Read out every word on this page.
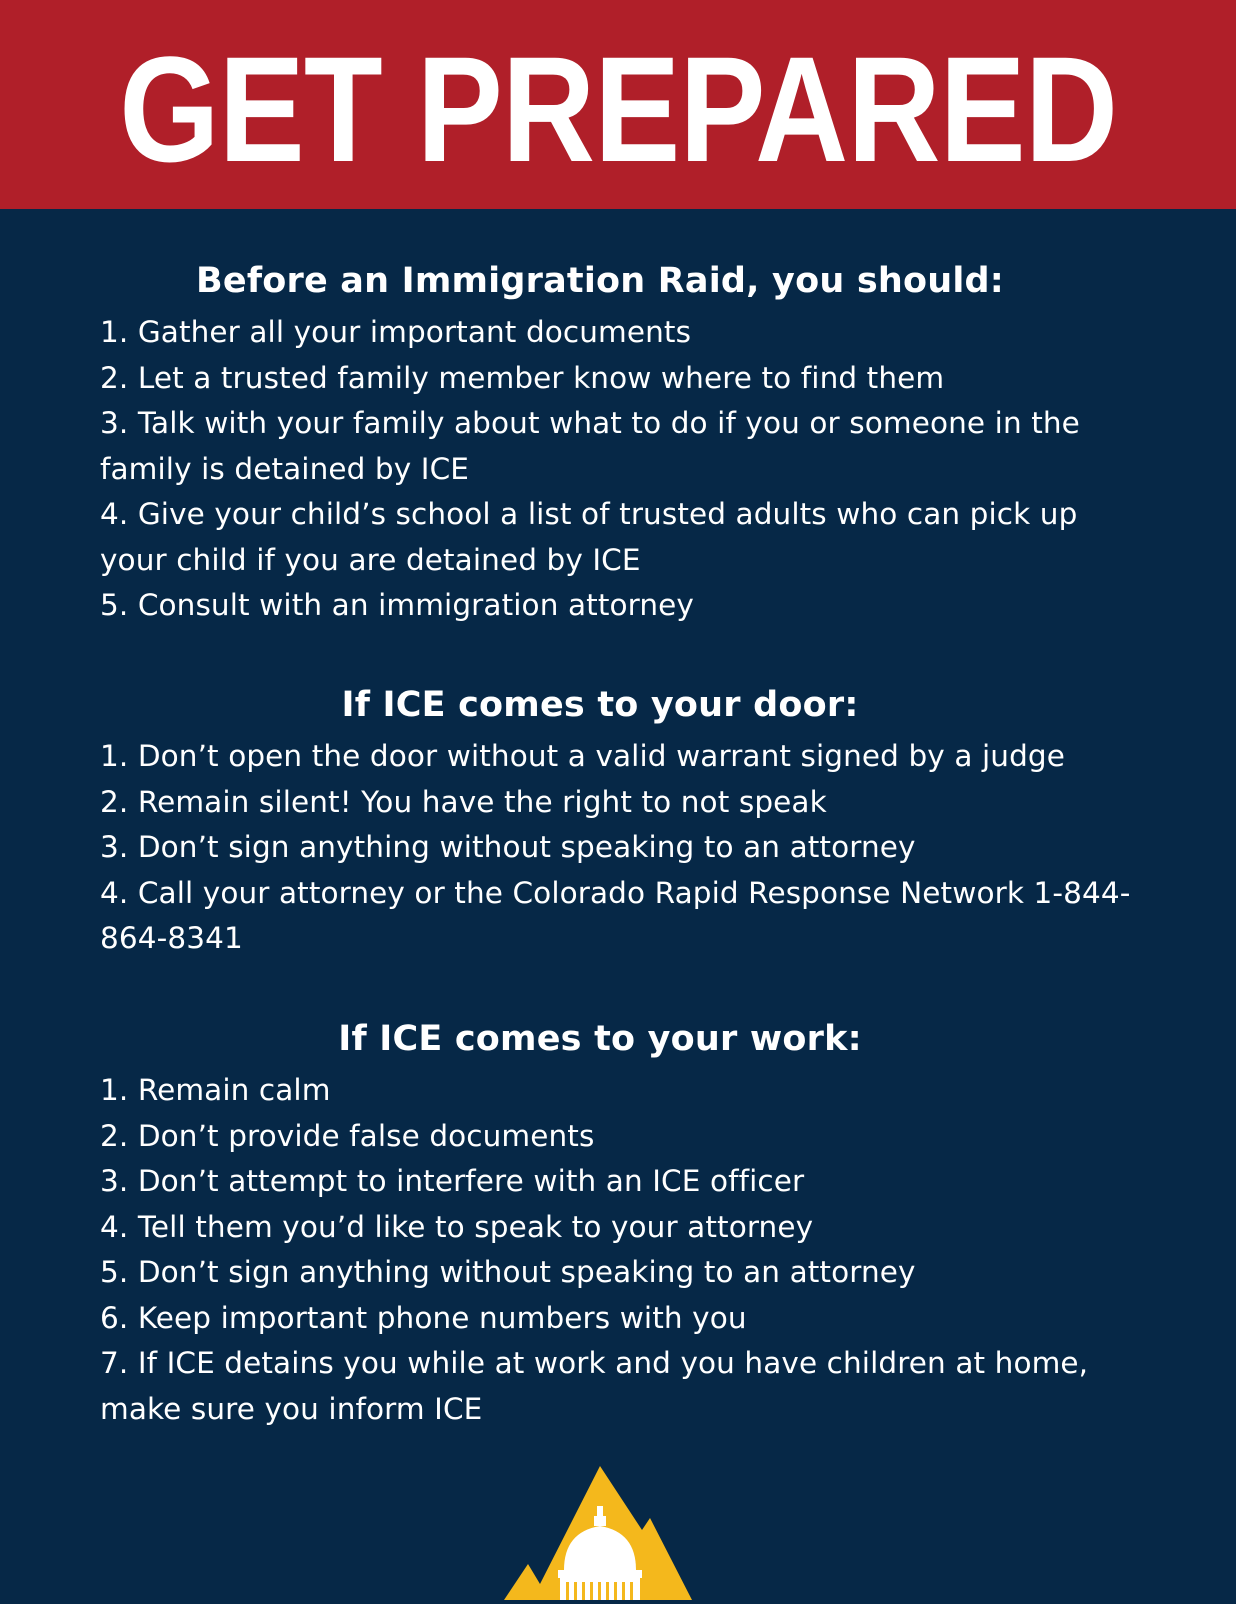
GET PREPARED
Before an Immigration Raid, you should:
1. Gather all your important documents
2. Let a trusted family member know where to find them
3. Talk with your family about what to do if you or someone in the family is detained by ICE
4. Give your child’s school a list of trusted adults who can pick up your child if you are detained by ICE
5. Consult with an immigration attorney
If ICE comes to your door:
1. Don’t open the door without a valid warrant signed by a judge
2. Remain silent! You have the right to not speak
3. Don’t sign anything without speaking to an attorney
4. Call your attorney or the Colorado Rapid Response Network 1-844-864-8341
If ICE comes to your work:
1. Remain calm
2. Don’t provide false documents
3. Don’t attempt to interfere with an ICE officer
4. Tell them you’d like to speak to your attorney
5. Don’t sign anything without speaking to an attorney
6. Keep important phone numbers with you
7. If ICE detains you while at work and you have children at home, make sure you inform ICE
